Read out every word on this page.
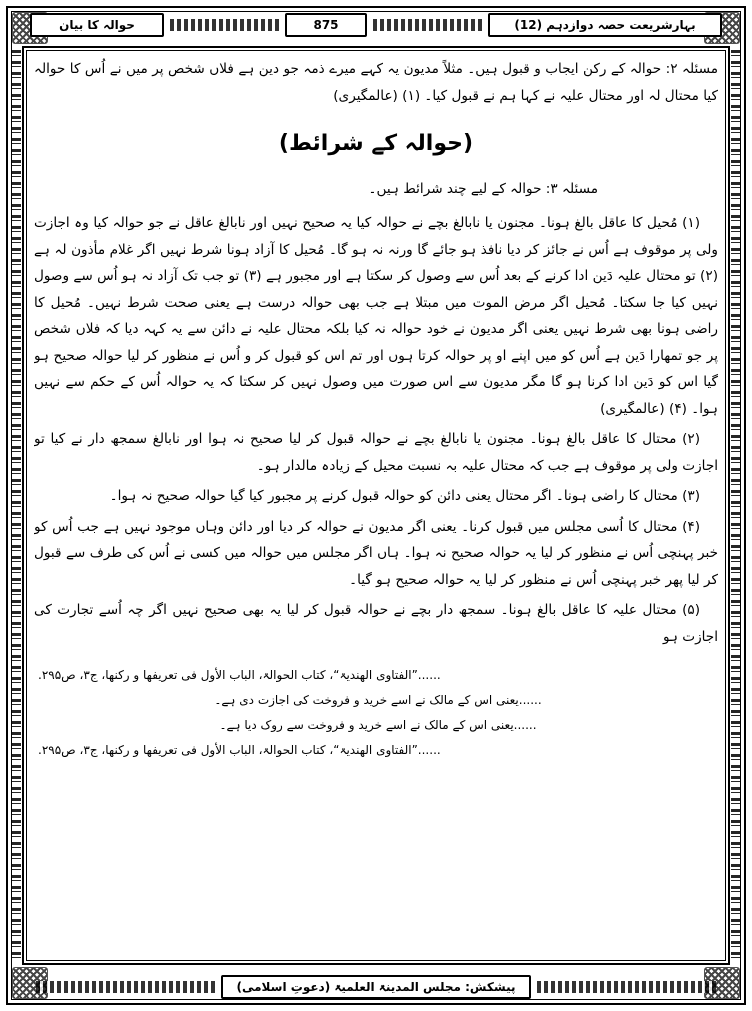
بہارشریعت حصہ دوازدہم (12)
875
حوالہ کا بیان

مسئلہ ۲: حوالہ کے رکن ایجاب و قبول ہیں۔ مثلاً مدیون یہ کہے میرے ذمہ جو دین ہے فلاں شخص پر میں نے اُس کا حوالہ کیا محتال لہ اور محتال علیہ نے کہا ہم نے قبول کیا۔ (۱) (عالمگیری)

(حوالہ کے شرائط)

مسئلہ ۳: حوالہ کے لیے چند شرائط ہیں۔

(۱) مُحیل کا عاقل بالغ ہونا۔ مجنون یا نابالغ بچے نے حوالہ کیا یہ صحیح نہیں اور نابالغ عاقل نے جو حوالہ کیا وہ اجازت ولی پر موقوف ہے اُس نے جائز کر دیا نافذ ہو جائے گا ورنہ نہ ہو گا۔ مُحیل کا آزاد ہونا شرط نہیں اگر غلام مأذون لہ ہے (۲) تو محتال علیہ دَین ادا کرنے کے بعد اُس سے وصول کر سکتا ہے اور مجبور ہے (۳) تو جب تک آزاد نہ ہو اُس سے وصول نہیں کیا جا سکتا۔ مُحیل اگر مرض الموت میں مبتلا ہے جب بھی حوالہ درست ہے یعنی صحت شرط نہیں۔ مُحیل کا راضی ہونا بھی شرط نہیں یعنی اگر مدیون نے خود حوالہ نہ کیا بلکہ محتال علیہ نے دائن سے یہ کہہ دیا کہ فلاں شخص پر جو تمھارا دَین ہے اُس کو میں اپنے او پر حوالہ کرتا ہوں اور تم اس کو قبول کر و اُس نے منظور کر لیا حوالہ صحیح ہو گیا اس کو دَین ادا کرنا ہو گا مگر مدیون سے اس صورت میں وصول نہیں کر سکتا کہ یہ حوالہ اُس کے حکم سے نہیں ہوا۔ (۴) (عالمگیری)

(۲) محتال کا عاقل بالغ ہونا۔ مجنون یا نابالغ بچے نے حوالہ قبول کر لیا صحیح نہ ہوا اور نابالغ سمجھ دار نے کیا تو اجازت ولی پر موقوف ہے جب کہ محتال علیہ بہ نسبت محیل کے زیادہ مالدار ہو۔

(۳) محتال کا راضی ہونا۔ اگر محتال یعنی دائن کو حوالہ قبول کرنے پر مجبور کیا گیا حوالہ صحیح نہ ہوا۔

(۴) محتال کا اُسی مجلس میں قبول کرنا۔ یعنی اگر مدیون نے حوالہ کر دیا اور دائن وہاں موجود نہیں ہے جب اُس کو خبر پہنچی اُس نے منظور کر لیا یہ حوالہ صحیح نہ ہوا۔ ہاں اگر مجلس میں حوالہ میں کسی نے اُس کی طرف سے قبول کر لیا پھر خبر پہنچی اُس نے منظور کر لیا یہ حوالہ صحیح ہو گیا۔

(۵) محتال علیہ کا عاقل بالغ ہونا۔ سمجھ دار بچے نے حوالہ قبول کر لیا یہ بھی صحیح نہیں اگر چہ اُسے تجارت کی اجازت ہو

......”الفتاوی الھندیۃ“، کتاب الحوالۃ، الباب الأول فی تعریفھا و رکنھا، ج۳، ص۲۹۵.

......یعنی اس کے مالک نے اسے خرید و فروخت کی اجازت دی ہے۔

......یعنی اس کے مالک نے اسے خرید و فروخت سے روک دیا ہے۔

......”الفتاوی الھندیۃ“، کتاب الحوالۃ، الباب الأول فی تعریفھا و رکنھا، ج۳، ص۲۹۵.

پیشکش: مجلس المدینۃ العلمیۃ (دعوتِ اسلامی)
